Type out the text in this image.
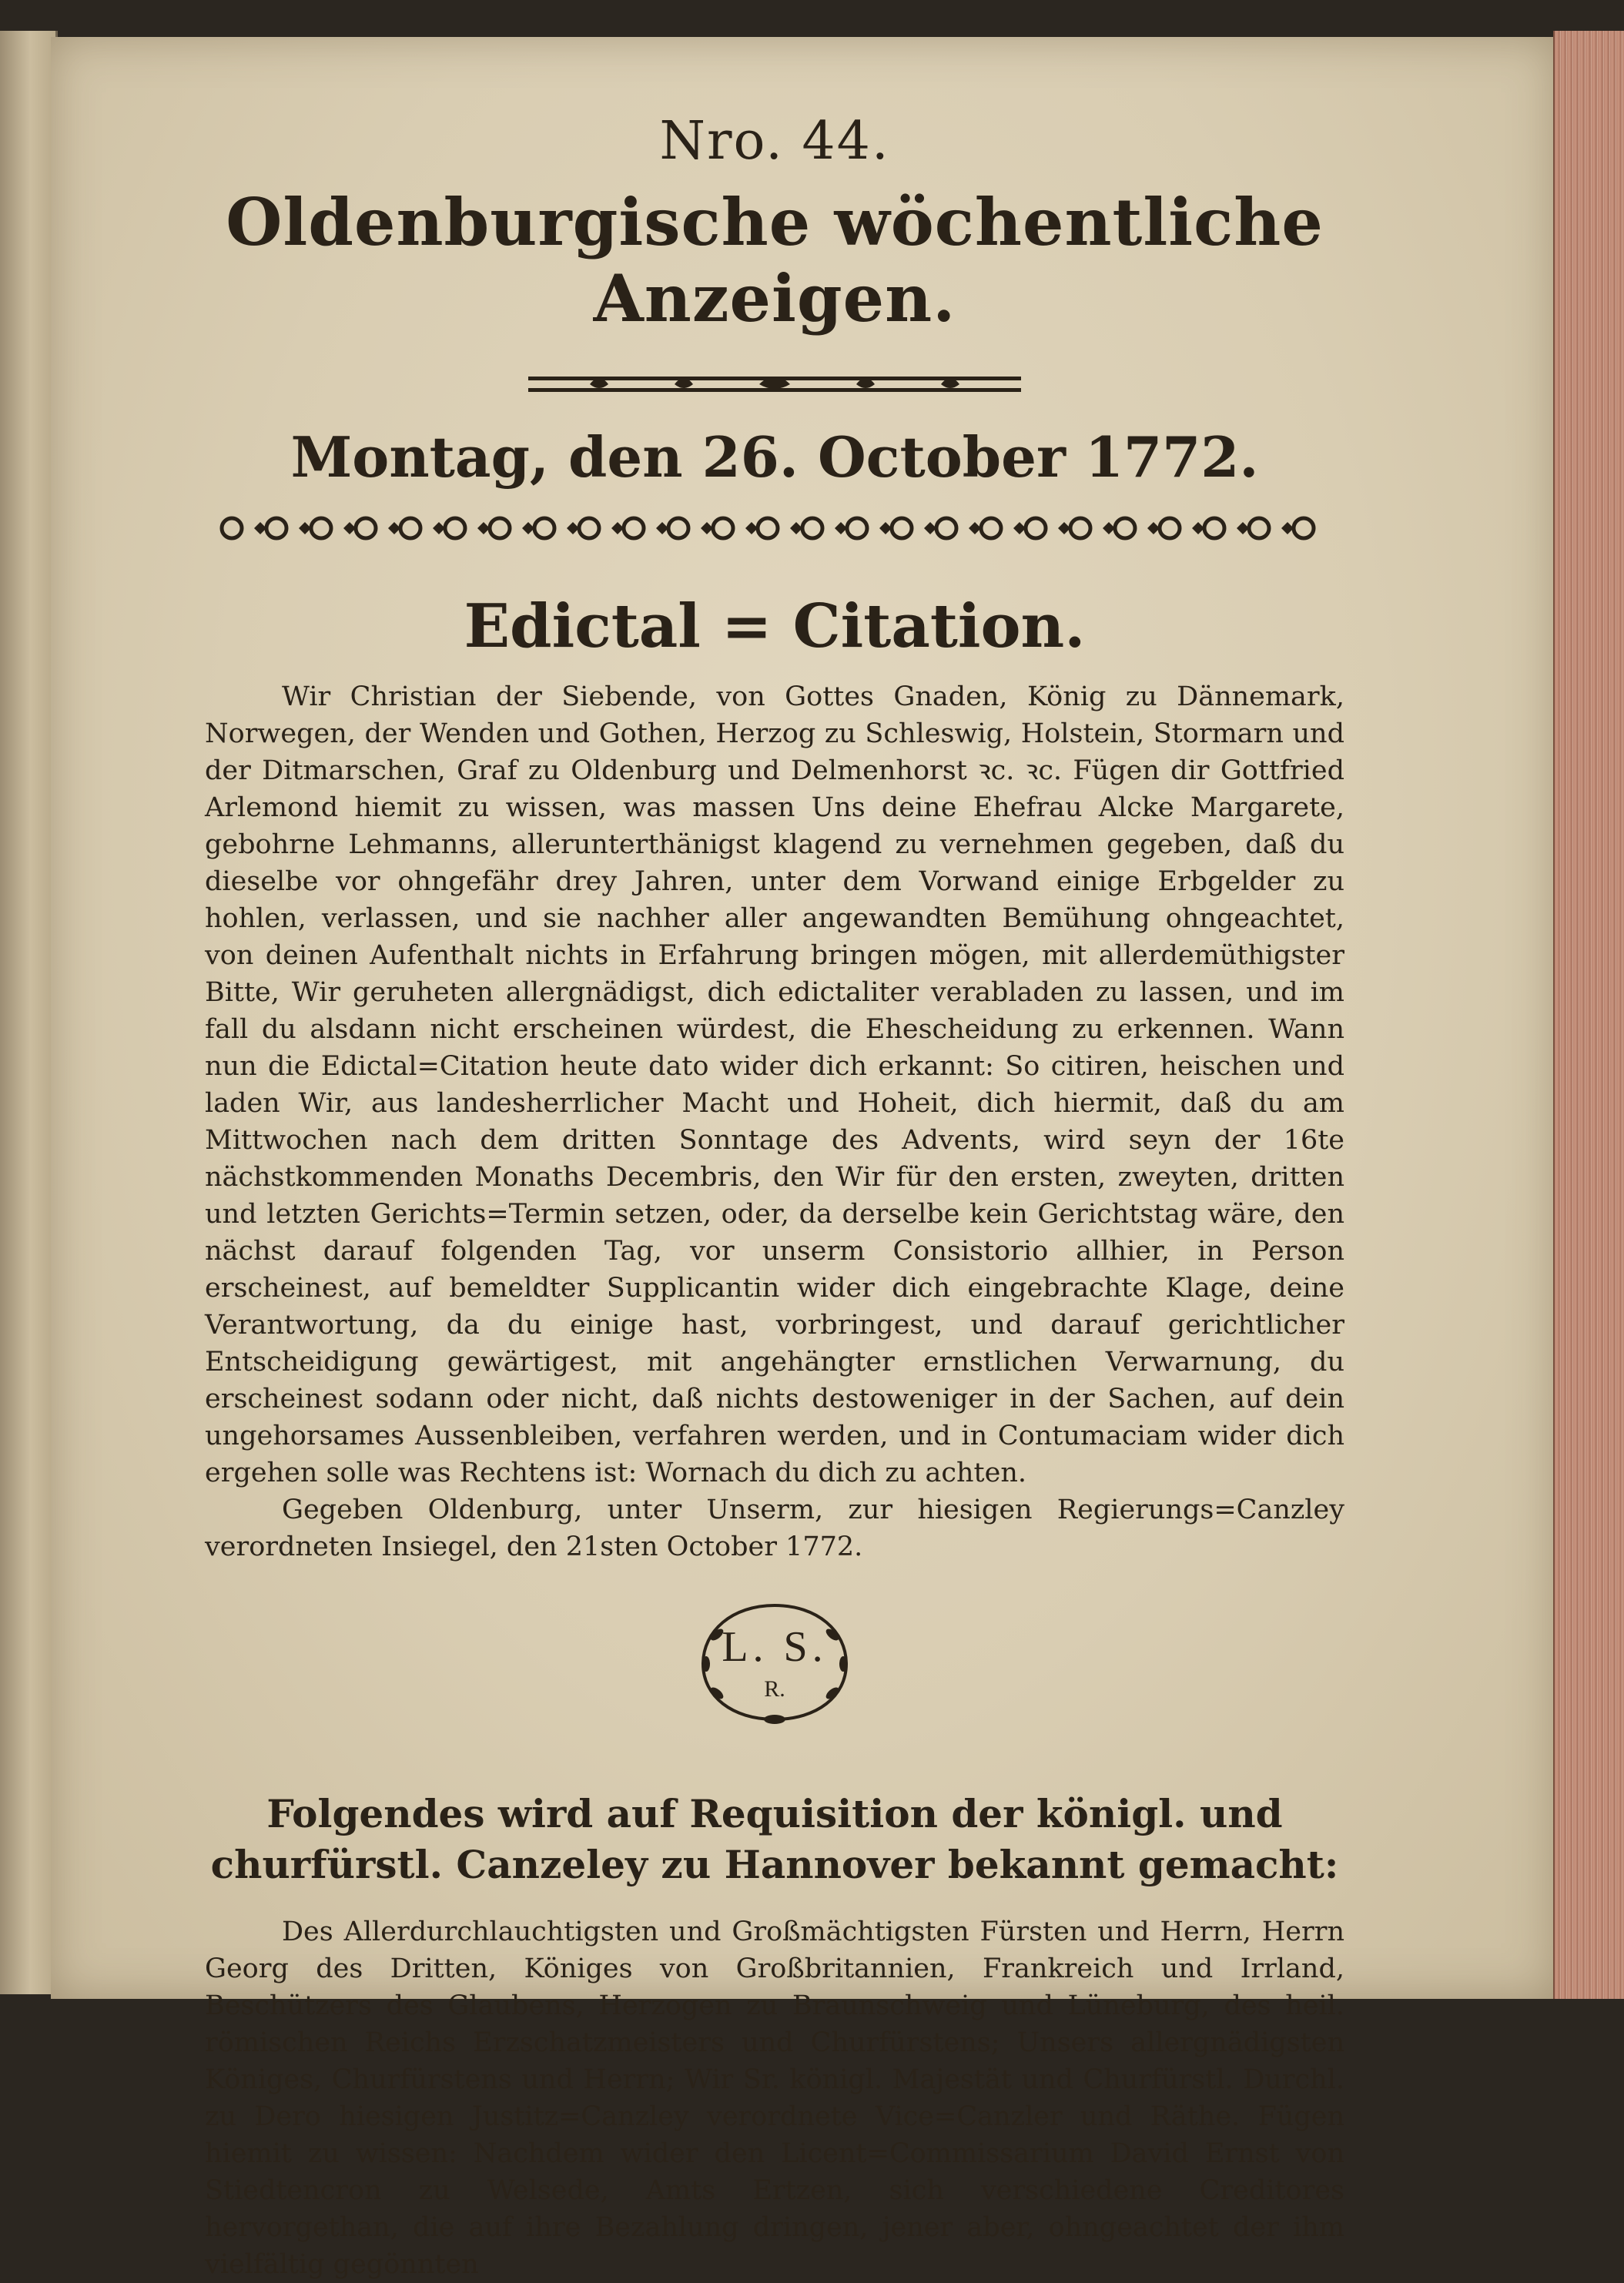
Nro. 44.
Oldenburgische wöchentliche Anzeigen.
Montag, den 26. October 1772.
Edictal = Citation.

Wir Christian der Siebende, von Gottes Gnaden, König zu Dännemark, Norwegen, der Wenden und Gothen, Herzog zu Schleswig, Holstein, Stormarn und der Ditmarschen, Graf zu Oldenburg und Delmenhorst ꝛc. ꝛc. Fügen dir Gottfried Arlemond hiemit zu wissen, was massen Uns deine Ehefrau Alcke Margarete, gebohrne Lehmanns, allerunterthänigst klagend zu vernehmen gegeben, daß du dieselbe vor ohngefähr drey Jahren, unter dem Vorwand einige Erbgelder zu hohlen, verlassen, und sie nachher aller angewandten Bemühung ohngeachtet, von deinen Aufenthalt nichts in Erfahrung bringen mögen, mit allerdemüthigster Bitte, Wir geruheten allergnädigst, dich edictaliter verabladen zu lassen, und im fall du alsdann nicht erscheinen würdest, die Ehescheidung zu erkennen. Wann nun die Edictal=Citation heute dato wider dich erkannt: So citiren, heischen und laden Wir, aus landesherrlicher Macht und Hoheit, dich hiermit, daß du am Mittwochen nach dem dritten Sonntage des Advents, wird seyn der 16te nächstkommenden Monaths Decembris, den Wir für den ersten, zweyten, dritten und letzten Gerichts=Termin setzen, oder, da derselbe kein Gerichtstag wäre, den nächst darauf folgenden Tag, vor unserm Consistorio allhier, in Person erscheinest, auf bemeldter Supplicantin wider dich eingebrachte Klage, deine Verantwortung, da du einige hast, vorbringest, und darauf gerichtlicher Entscheidigung gewärtigest, mit angehängter ernstlichen Verwarnung, du erscheinest sodann oder nicht, daß nichts destoweniger in der Sachen, auf dein ungehorsames Aussenbleiben, verfahren werden, und in Contumaciam wider dich ergehen solle was Rechtens ist: Wornach du dich zu achten.

Gegeben Oldenburg, unter Unserm, zur hiesigen Regierungs=Canzley verordneten Insiegel, den 21sten October 1772.

L. S.
R.
Folgendes wird auf Requisition der königl. und churfürstl. Canzeley zu Hannover bekannt gemacht:

Des Allerdurchlauchtigsten und Großmächtigsten Fürsten und Herrn, Herrn Georg des Dritten, Königes von Großbritannien, Frankreich und Irrland, Beschützers des Glaubens, Herzogen zu Braunschweig und Lüneburg, des heil. römischen Reichs Erzschatzmeisters und Churfürstens; Unsers allergnädigsten Königes, Churfürstens und Herrn; Wir Sr. königl. Majestät und Churfürstl. Durchl. zu Dero hiesigen Justitz=Canzley verordnete Vice=Canzler und Räthe. Fügen hiemit zu wissen: Nachdem wider den Licent=Commissarium David Ernst von Stiedtencron zu Welsede, Amts Ertzen, sich verschiedene Creditores hervorgethan, die auf ihre Bezahlung dringen, jener aber, ohngeachtet der ihm vielfältig gegönnten
